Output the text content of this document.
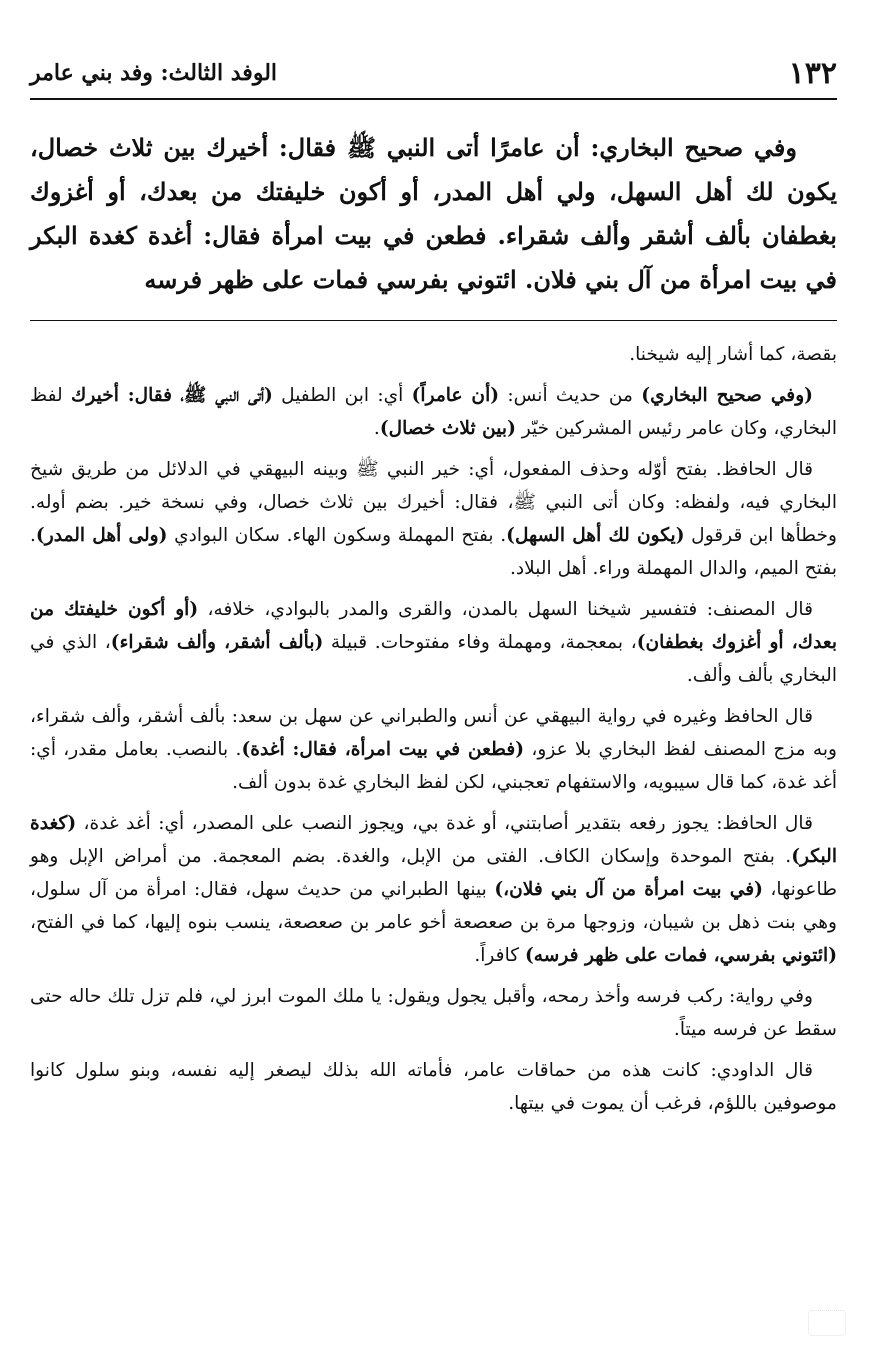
١٣٢
الوفد الثالث: وفد بني عامر

وفي صحيح البخاري: أن عامرًا أتى النبي ﷺ فقال: أخيرك بين ثلاث خصال، يكون لك أهل السهل، ولي أهل المدر، أو أكون خليفتك من بعدك، أو أغزوك بغطفان بألف أشقر وألف شقراء. فطعن في بيت امرأة فقال: أغدة كغدة البكر في بيت امرأة من آل بني فلان. ائتوني بفرسي فمات على ظهر فرسه

بقصة، كما أشار إليه شيخنا.

(وفي صحيح البخاري) من حديث أنس: (أن عامراً) أي: ابن الطفيل (أتى النبي ﷺ، فقال: أخيرك لفظ البخاري، وكان عامر رئيس المشركين خيّر (بين ثلاث خصال).

قال الحافظ. بفتح أوّله وحذف المفعول، أي: خير النبي ﷺ وبينه البيهقي في الدلائل من طريق شيخ البخاري فيه، ولفظه: وكان أتى النبي ﷺ، فقال: أخيرك بين ثلاث خصال، وفي نسخة خير. بضم أوله. وخطأها ابن قرقول (يكون لك أهل السهل). بفتح المهملة وسكون الهاء. سكان البوادي (ولى أهل المدر). بفتح الميم، والدال المهملة وراء. أهل البلاد.

قال المصنف: فتفسير شيخنا السهل بالمدن، والقرى والمدر بالبوادي، خلافه، (أو أكون خليفتك من بعدك، أو أغزوك بغطفان)، بمعجمة، ومهملة وفاء مفتوحات. قبيلة (بألف أشقر، وألف شقراء)، الذي في البخاري بألف وألف.

قال الحافظ وغيره في رواية البيهقي عن أنس والطبراني عن سهل بن سعد: بألف أشقر، وألف شقراء، وبه مزج المصنف لفظ البخاري بلا عزو، (فطعن في بيت امرأة، فقال: أغدة). بالنصب. بعامل مقدر، أي: أغد غدة، كما قال سيبويه، والاستفهام تعجبني، لكن لفظ البخاري غدة بدون ألف.

قال الحافظ: يجوز رفعه بتقدير أصابتني، أو غدة بي، ويجوز النصب على المصدر، أي: أغد غدة، (كغدة البكر). بفتح الموحدة وإسكان الكاف. الفتى من الإبل، والغدة. بضم المعجمة. من أمراض الإبل وهو طاعونها، (في بيت امرأة من آل بني فلان،) بينها الطبراني من حديث سهل، فقال: امرأة من آل سلول، وهي بنت ذهل بن شيبان، وزوجها مرة بن صعصعة أخو عامر بن صعصعة، ينسب بنوه إليها، كما في الفتح، (ائتوني بفرسي، فمات على ظهر فرسه) كافراً.

وفي رواية: ركب فرسه وأخذ رمحه، وأقبل يجول ويقول: يا ملك الموت ابرز لي، فلم تزل تلك حاله حتى سقط عن فرسه ميتاً.

قال الداودي: كانت هذه من حماقات عامر، فأماته الله بذلك ليصغر إليه نفسه، وبنو سلول كانوا موصوفين باللؤم، فرغب أن يموت في بيتها.
